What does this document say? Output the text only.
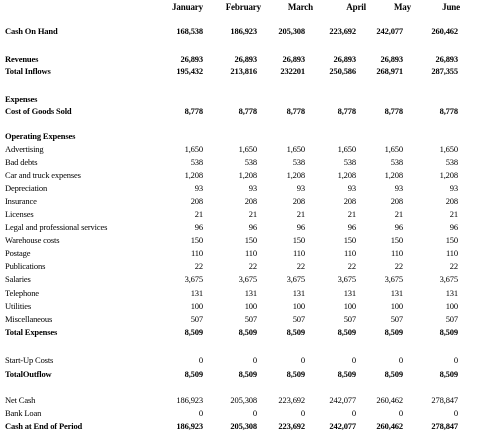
January	February	March	April	May	June
Cash On Hand	168,538	186,923	205,308	223,692	242,077	260,462
Revenues	26,893	26,893	26,893	26,893	26,893	26,893
Total Inflows	195,432	213,816	232201	250,586	268,971	287,355
Expenses
Cost of Goods Sold	8,778	8,778	8,778	8,778	8,778	8,778
Operating Expenses
Advertising	1,650	1,650	1,650	1,650	1,650	1,650
Bad debts	538	538	538	538	538	538
Car and truck expenses	1,208	1,208	1,208	1,208	1,208	1,208
Depreciation	93	93	93	93	93	93
Insurance	208	208	208	208	208	208
Licenses	21	21	21	21	21	21
Legal and professional services	96	96	96	96	96	96
Warehouse costs	150	150	150	150	150	150
Postage	110	110	110	110	110	110
Publications	22	22	22	22	22	22
Salaries	3,675	3,675	3,675	3,675	3,675	3,675
Telephone	131	131	131	131	131	131
Utilities	100	100	100	100	100	100
Miscellaneous	507	507	507	507	507	507
Total Expenses	8,509	8,509	8,509	8,509	8,509	8,509
Start-Up Costs	0	0	0	0	0	0
TotalOutflow	8,509	8,509	8,509	8,509	8,509	8,509
Net Cash	186,923	205,308	223,692	242,077	260,462	278,847
Bank Loan	0	0	0	0	0	0
Cash at End of Period	186,923	205,308	223,692	242,077	260,462	278,847
